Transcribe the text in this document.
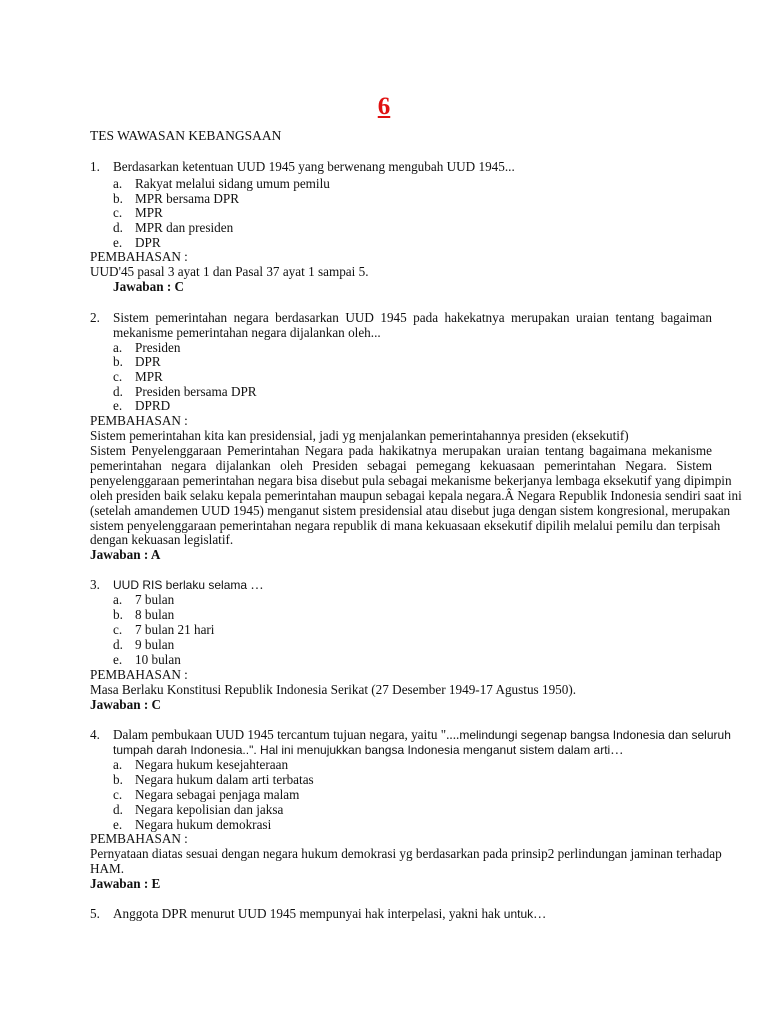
6
TES WAWASAN KEBANGSAAN
1. Berdasarkan ketentuan UUD 1945 yang berwenang mengubah UUD 1945...
a. Rakyat melalui sidang umum pemilu
b. MPR bersama DPR
c. MPR
d. MPR dan presiden
e. DPR
PEMBAHASAN :
UUD'45 pasal 3 ayat 1 dan Pasal 37 ayat 1 sampai 5.
Jawaban : C
2. Sistem pemerintahan negara berdasarkan UUD 1945 pada hakekatnya merupakan uraian tentang bagaiman
mekanisme pemerintahan negara dijalankan oleh...
a. Presiden
b. DPR
c. MPR
d. Presiden bersama DPR
e. DPRD
PEMBAHASAN :
Sistem pemerintahan kita kan presidensial, jadi yg menjalankan pemerintahannya presiden (eksekutif)
Sistem Penyelenggaraan Pemerintahan Negara pada hakikatnya merupakan uraian tentang bagaimana mekanisme
pemerintahan negara dijalankan oleh Presiden sebagai pemegang kekuasaan pemerintahan Negara. Sistem
penyelenggaraan pemerintahan negara bisa disebut pula sebagai mekanisme bekerjanya lembaga eksekutif yang dipimpin
oleh presiden baik selaku kepala pemerintahan maupun sebagai kepala negara.Â Negara Republik Indonesia sendiri saat ini
(setelah amandemen UUD 1945) menganut sistem presidensial atau disebut juga dengan sistem kongresional, merupakan
sistem penyelenggaraan pemerintahan negara republik di mana kekuasaan eksekutif dipilih melalui pemilu dan terpisah
dengan kekuasan legislatif.
Jawaban : A
3. UUD RIS berlaku selama …
a. 7 bulan
b. 8 bulan
c. 7 bulan 21 hari
d. 9 bulan
e. 10 bulan
PEMBAHASAN :
Masa Berlaku Konstitusi Republik Indonesia Serikat (27 Desember 1949-17 Agustus 1950).
Jawaban : C
4. Dalam pembukaan UUD 1945 tercantum tujuan negara, yaitu "....melindungi segenap bangsa Indonesia dan seluruh
tumpah darah Indonesia..". Hal ini menujukkan bangsa Indonesia menganut sistem dalam arti…
a. Negara hukum kesejahteraan
b. Negara hukum dalam arti terbatas
c. Negara sebagai penjaga malam
d. Negara kepolisian dan jaksa
e. Negara hukum demokrasi
PEMBAHASAN :
Pernyataan diatas sesuai dengan negara hukum demokrasi yg berdasarkan pada prinsip2 perlindungan jaminan terhadap
HAM.
Jawaban : E
5. Anggota DPR menurut UUD 1945 mempunyai hak interpelasi, yakni hak untuk…
